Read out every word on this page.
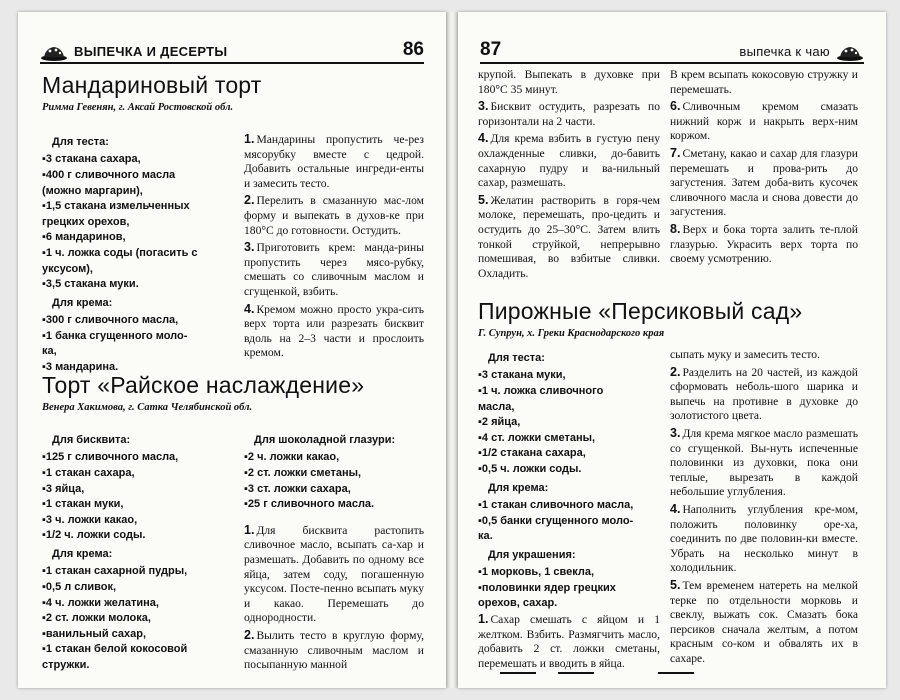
ВЫПЕЧКА И ДЕСЕРТЫ	86
Мандариновый торт
Римма Гевенян, г. Аксай Ростовской обл.
Для теста:
▪3 стакана сахара,
▪400 г сливочного масла
(можно маргарин),
▪1,5 стакана измельченных
грецких орехов,
▪6 мандаринов,
▪1 ч. ложка соды (погасить с
уксусом),
▪3,5 стакана муки.
Для крема:
▪300 г сливочного масла,
▪1 банка сгущенного моло-
ка,
▪3 мандарина.

1. Мандарины пропустить че-рез мясорубку вместе с цедрой. Добавить остальные ингреди-енты и замесить тесто.

2. Перелить в смазанную мас-лом форму и выпекать в духов-ке при 180°С до готовности. Остудить.

3. Приготовить крем: манда-рины пропустить через мясо-рубку, смешать со сливочным маслом и сгущенкой, взбить.

4. Кремом можно просто укра-сить верх торта или разрезать бисквит вдоль на 2–3 части и прослоить кремом.

Торт «Райское наслаждение»
Венера Хакимова, г. Сатка Челябинской обл.
Для бисквита:
▪125 г сливочного масла,
▪1 стакан сахара,
▪3 яйца,
▪1 стакан муки,
▪3 ч. ложки какао,
▪1/2 ч. ложки соды.
Для крема:
▪1 стакан сахарной пудры,
▪0,5 л сливок,
▪4 ч. ложки желатина,
▪2 ст. ложки молока,
▪ванильный сахар,
▪1 стакан белой кокосовой
стружки.
Для шоколадной глазури:
▪2 ч. ложки какао,
▪2 ст. ложки сметаны,
▪3 ст. ложки сахара,
▪25 г сливочного масла.

1. Для бисквита растопить сливочное масло, всыпать са-хар и размешать. Добавить по одному все яйца, затем соду, погашенную уксусом. Посте-пенно всыпать муку и какао. Перемешать до однородности.

2. Вылить тесто в круглую форму, смазанную сливочным маслом и посыпанную манной

87	выпечка к чаю

крупой. Выпекать в духовке при 180°С 35 минут.

3. Бисквит остудить, разрезать по горизонтали на 2 части.

4. Для крема взбить в густую пену охлажденные сливки, до-бавить сахарную пудру и ва-нильный сахар, размешать.

5. Желатин растворить в горя-чем молоке, перемешать, про-цедить и остудить до 25–30°С. Затем влить тонкой струйкой, непрерывно помешивая, во взбитые сливки. Охладить.

В крем всыпать кокосовую стружку и перемешать.

6. Сливочным кремом смазать нижний корж и накрыть верх-ним коржом.

7. Сметану, какао и сахар для глазури перемешать и прова-рить до загустения. Затем доба-вить кусочек сливочного масла и снова довести до загустения.

8. Верх и бока торта залить те-плой глазурью. Украсить верх торта по своему усмотрению.

Пирожные «Персиковый сад»
Г. Супрун, х. Греки Краснодарского края
Для теста:
▪3 стакана муки,
▪1 ч. ложка сливочного
масла,
▪2 яйца,
▪4 ст. ложки сметаны,
▪1/2 стакана сахара,
▪0,5 ч. ложки соды.
Для крема:
▪1 стакан сливочного масла,
▪0,5 банки сгущенного моло-
ка.
Для украшения:
▪1 морковь, 1 свекла,
▪половинки ядер грецких
орехов, сахар.

1. Сахар смешать с яйцом и 1 желтком. Взбить. Размягчить масло, добавить 2 ст. ложки сметаны, перемешать и вводить в яйца.

сыпать муку и замесить тесто.

2. Разделить на 20 частей, из каждой сформовать неболь-шого шарика и выпечь на противне в духовке до золотистого цвета.

3. Для крема мягкое масло размешать со сгущенкой. Вы-нуть испеченные половинки из духовки, пока они теплые, вырезать в каждой небольшие углубления.

4. Наполнить углубления кре-мом, положить половинку оре-ха, соединить по две половин-ки вместе. Убрать на несколько минут в холодильник.

5. Тем временем натереть на мелкой терке по отдельности морковь и свеклу, выжать сок. Смазать бока персиков сначала желтым, а потом красным со-ком и обвалять их в сахаре.
